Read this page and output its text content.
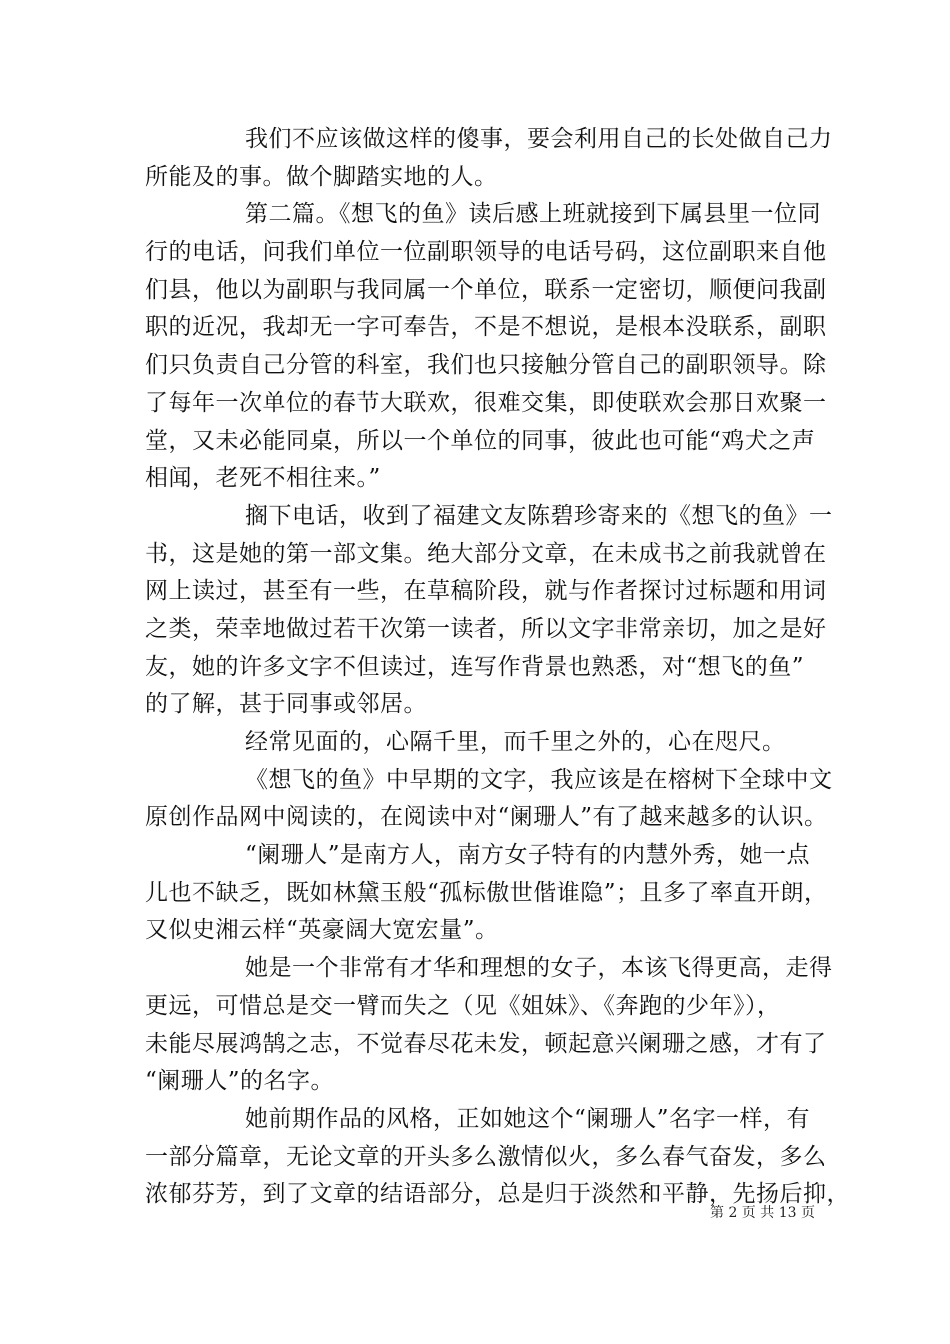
我们不应该做这样的傻事，要会利用自己的长处做自己力
所能及的事。做个脚踏实地的人。
第二篇。《想飞的鱼》读后感上班就接到下属县里一位同
行的电话，问我们单位一位副职领导的电话号码，这位副职来自他
们县，他以为副职与我同属一个单位，联系一定密切，顺便问我副
职的近况，我却无一字可奉告，不是不想说，是根本没联系，副职
们只负责自己分管的科室，我们也只接触分管自己的副职领导。除
了每年一次单位的春节大联欢，很难交集，即使联欢会那日欢聚一
堂，又未必能同桌，所以一个单位的同事，彼此也可能“鸡犬之声
相闻，老死不相往来。”
搁下电话，收到了福建文友陈碧珍寄来的《想飞的鱼》一
书，这是她的第一部文集。绝大部分文章，在未成书之前我就曾在
网上读过，甚至有一些，在草稿阶段，就与作者探讨过标题和用词
之类，荣幸地做过若干次第一读者，所以文字非常亲切，加之是好
友，她的许多文字不但读过，连写作背景也熟悉，对“想飞的鱼”
的了解，甚于同事或邻居。
经常见面的，心隔千里，而千里之外的，心在咫尺。
《想飞的鱼》中早期的文字，我应该是在榕树下全球中文
原创作品网中阅读的，在阅读中对“阑珊人”有了越来越多的认识。
“阑珊人”是南方人，南方女子特有的内慧外秀，她一点
儿也不缺乏，既如林黛玉般“孤标傲世偕谁隐”；且多了率直开朗，
又似史湘云样“英豪阔大宽宏量”。
她是一个非常有才华和理想的女子，本该飞得更高，走得
更远，可惜总是交一臂而失之（见《姐妹》、《奔跑的少年》），
未能尽展鸿鹄之志，不觉春尽花未发，顿起意兴阑珊之感，才有了
“阑珊人”的名字。
她前期作品的风格，正如她这个“阑珊人”名字一样，有
一部分篇章，无论文章的开头多么激情似火，多么春气奋发，多么
浓郁芬芳，到了文章的结语部分，总是归于淡然和平静，先扬后抑，
第 2 页 共 13 页
